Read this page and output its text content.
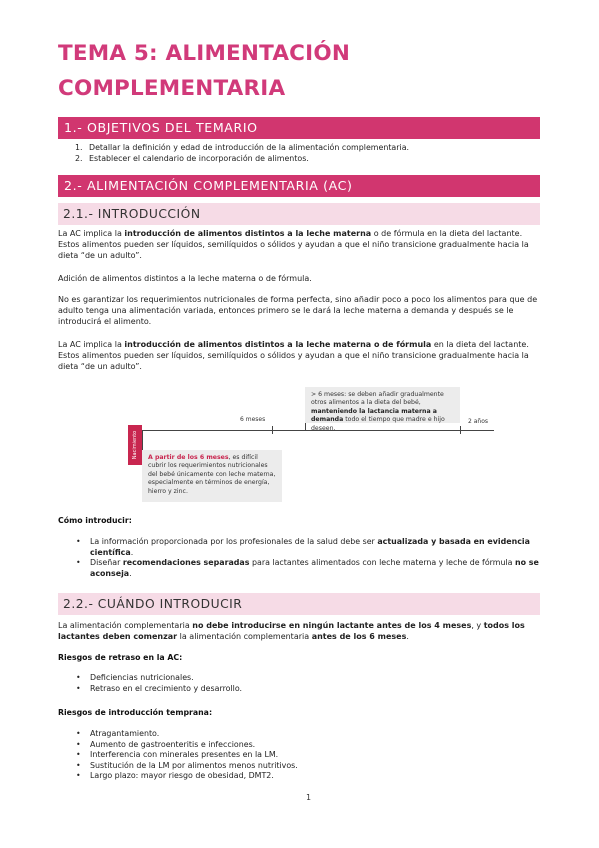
TEMA 5: ALIMENTACIÓN
COMPLEMENTARIA
1.- OBJETIVOS DEL TEMARIO
1. Detallar la definición y edad de introducción de la alimentación complementaria.
2. Establecer el calendario de incorporación de alimentos.
2.- ALIMENTACIÓN COMPLEMENTARIA (AC)
2.1.- INTRODUCCIÓN
La AC implica la introducción de alimentos distintos a la leche materna o de fórmula en la dieta del lactante. Estos alimentos pueden ser líquidos, semilíquidos o sólidos y ayudan a que el niño transicione gradualmente hacia la dieta “de un adulto”.
Adición de alimentos distintos a la leche materna o de fórmula.
No es garantizar los requerimientos nutricionales de forma perfecta, sino añadir poco a poco los alimentos para que de adulto tenga una alimentación variada, entonces primero se le dará la leche materna a demanda y después se le introducirá el alimento.
La AC implica la introducción de alimentos distintos a la leche materna o de fórmula en la dieta del lactante. Estos alimentos pueden ser líquidos, semilíquidos o sólidos y ayudan a que el niño transicione gradualmente hacia la dieta “de un adulto”.
Nacimiento
6 meses	2 años
> 6 meses: se deben añadir gradualmente otros alimentos a la dieta del bebé, manteniendo la lactancia materna a demanda todo el tiempo que madre e hijo deseen.
A partir de los 6 meses, es difícil cubrir los requerimientos nutricionales del bebé únicamente con leche materna, especialmente en términos de energía, hierro y zinc.
Cómo introducir:
• La información proporcionada por los profesionales de la salud debe ser actualizada y basada en evidencia científica.
• Diseñar recomendaciones separadas para lactantes alimentados con leche materna y leche de fórmula no se aconseja.
2.2.- CUÁNDO INTRODUCIR
La alimentación complementaria no debe introducirse en ningún lactante antes de los 4 meses, y todos los lactantes deben comenzar la alimentación complementaria antes de los 6 meses.
Riesgos de retraso en la AC:
• Deficiencias nutricionales.
• Retraso en el crecimiento y desarrollo.
Riesgos de introducción temprana:
• Atragantamiento.
• Aumento de gastroenteritis e infecciones.
• Interferencia con minerales presentes en la LM.
• Sustitución de la LM por alimentos menos nutritivos.
• Largo plazo: mayor riesgo de obesidad, DMT2.
1
